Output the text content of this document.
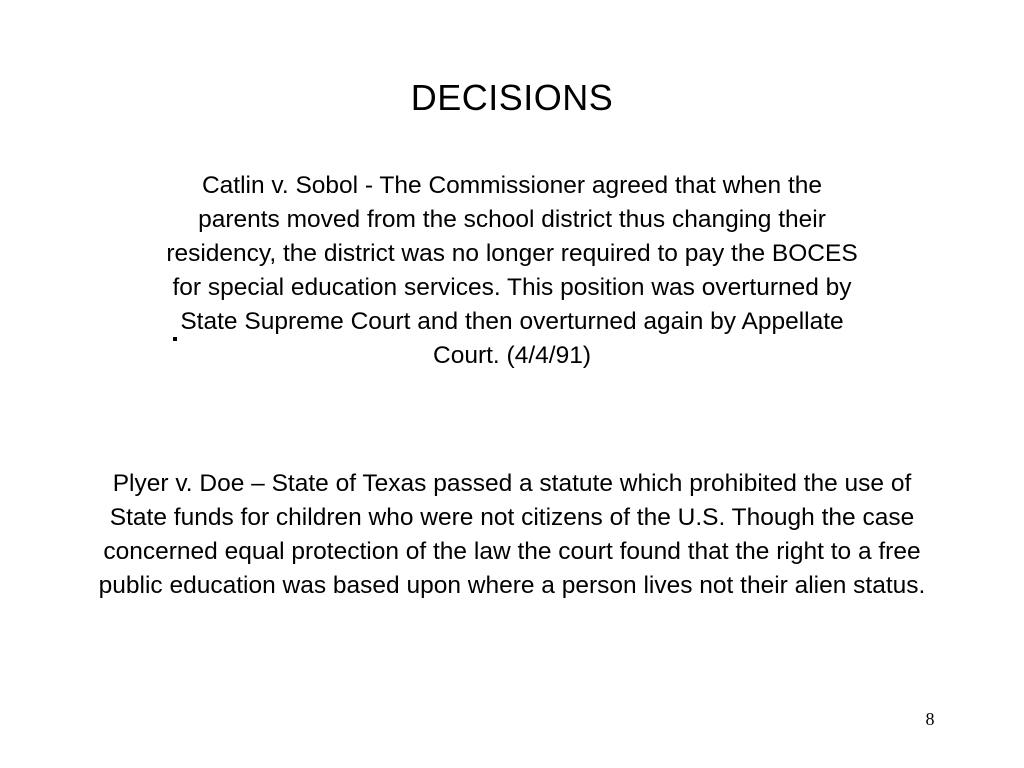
DECISIONS
Catlin v. Sobol - The Commissioner agreed that when the parents moved from the school district thus changing their residency, the district was no longer required to pay the BOCES for special education services. This position was overturned by State Supreme Court and then overturned again by Appellate Court. (4/4/91)
Plyer v. Doe – State of Texas passed a statute which prohibited the use of State funds for children who were not citizens of the U.S. Though the case concerned equal protection of the law the court found that the right to a free public education was based upon where a person lives not their alien status.
8
